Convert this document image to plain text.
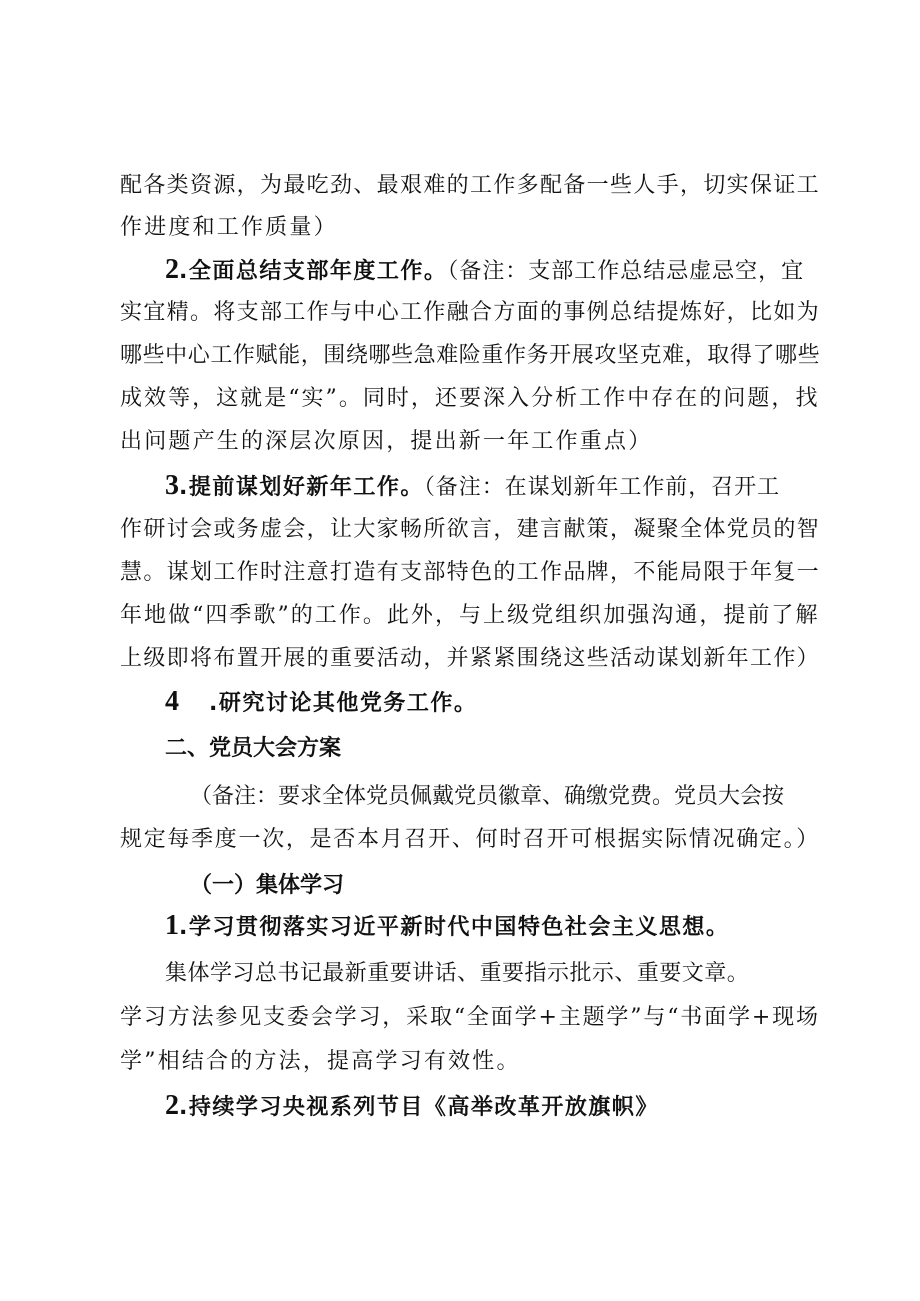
配各类资源，为最吃劲、最艰难的工作多配备一些人手，切实保证工
作进度和工作质量）
2.全面总结支部年度工作。（备注：支部工作总结忌虚忌空，宜
实宜精。将支部工作与中心工作融合方面的事例总结提炼好，比如为
哪些中心工作赋能，围绕哪些急难险重作务开展攻坚克难，取得了哪些
成效等，这就是“实”。同时，还要深入分析工作中存在的问题，找
出问题产生的深层次原因，提出新一年工作重点）
3.提前谋划好新年工作。（备注：在谋划新年工作前，召开工
作研讨会或务虚会，让大家畅所欲言，建言献策，凝聚全体党员的智
慧。谋划工作时注意打造有支部特色的工作品牌，不能局限于年复一
年地做“四季歌”的工作。此外，与上级党组织加强沟通，提前了解
上级即将布置开展的重要活动，并紧紧围绕这些活动谋划新年工作）
4 .研究讨论其他党务工作。
二、党员大会方案
（备注：要求全体党员佩戴党员徽章、确缴党费。党员大会按
规定每季度一次，是否本月召开、何时召开可根据实际情况确定。）
（一）集体学习
1.学习贯彻落实习近平新时代中国特色社会主义思想。
集体学习总书记最新重要讲话、重要指示批示、重要文章。
学习方法参见支委会学习，采取“全面学+主题学”与“书面学+现场
学”相结合的方法，提高学习有效性。
2.持续学习央视系列节目《高举改革开放旗帜》
